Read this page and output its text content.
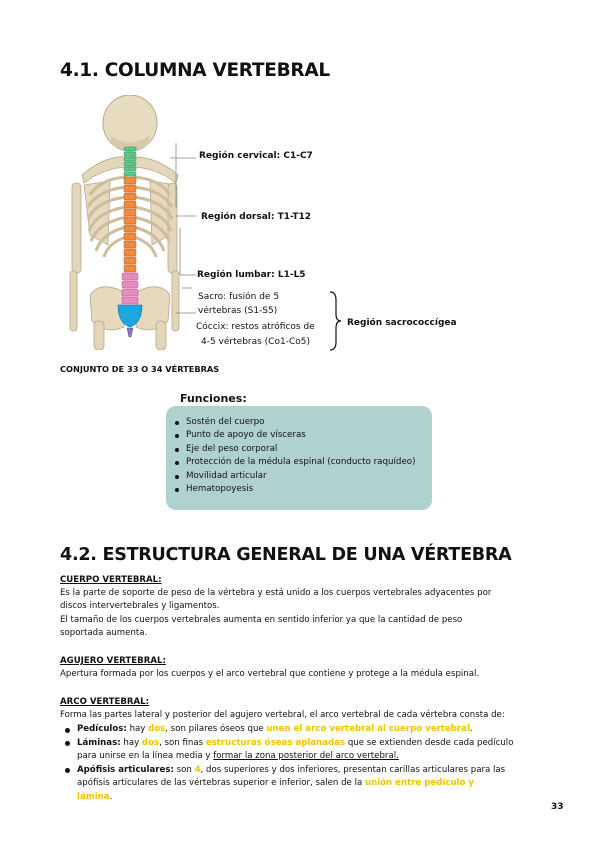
4.1. COLUMNA VERTEBRAL
Región cervical: C1-C7
Región dorsal: T1-T12
Región lumbar: L1-L5
Sacro: fusión de 5
vértebras (S1-S5)
Cóccix: restos atróficos de
4-5 vértebras (Co1-Co5)
Región sacrococcígea
CONJUNTO DE 33 O 34 VÉRTEBRAS
Funciones:
Sostén del cuerpo
Punto de apoyo de vísceras
Eje del peso corporal
Protección de la médula espinal (conducto raquídeo)
Movilidad articular
Hematopoyesis
4.2. ESTRUCTURA GENERAL DE UNA VÉRTEBRA
CUERPO VERTEBRAL:
Es la parte de soporte de peso de la vértebra y está unido a los cuerpos vertebrales adyacentes por
discos intervertebrales y ligamentos.
El tamaño de los cuerpos vertebrales aumenta en sentido inferior ya que la cantidad de peso
soportada aumenta.
AGUJERO VERTEBRAL:
Apertura formada por los cuerpos y el arco vertebral que contiene y protege a la médula espinal.
ARCO VERTEBRAL:
Forma las partes lateral y posterior del agujero vertebral, el arco vertebral de cada vértebra consta de:
Pedículos: hay dos, son pilares óseos que unen el arco vertebral al cuerpo vertebral.
Láminas: hay dos, son finas estructuras óseas aplanadas que se extienden desde cada pedículo
para unirse en la línea media y formar la zona posterior del arco vertebral.
Apófisis articulares: son 4, dos superiores y dos inferiores, presentan carillas articulares para las
apófisis articulares de las vértebras superior e inferior, salen de la unión entre pedículo y
lámina.
33
